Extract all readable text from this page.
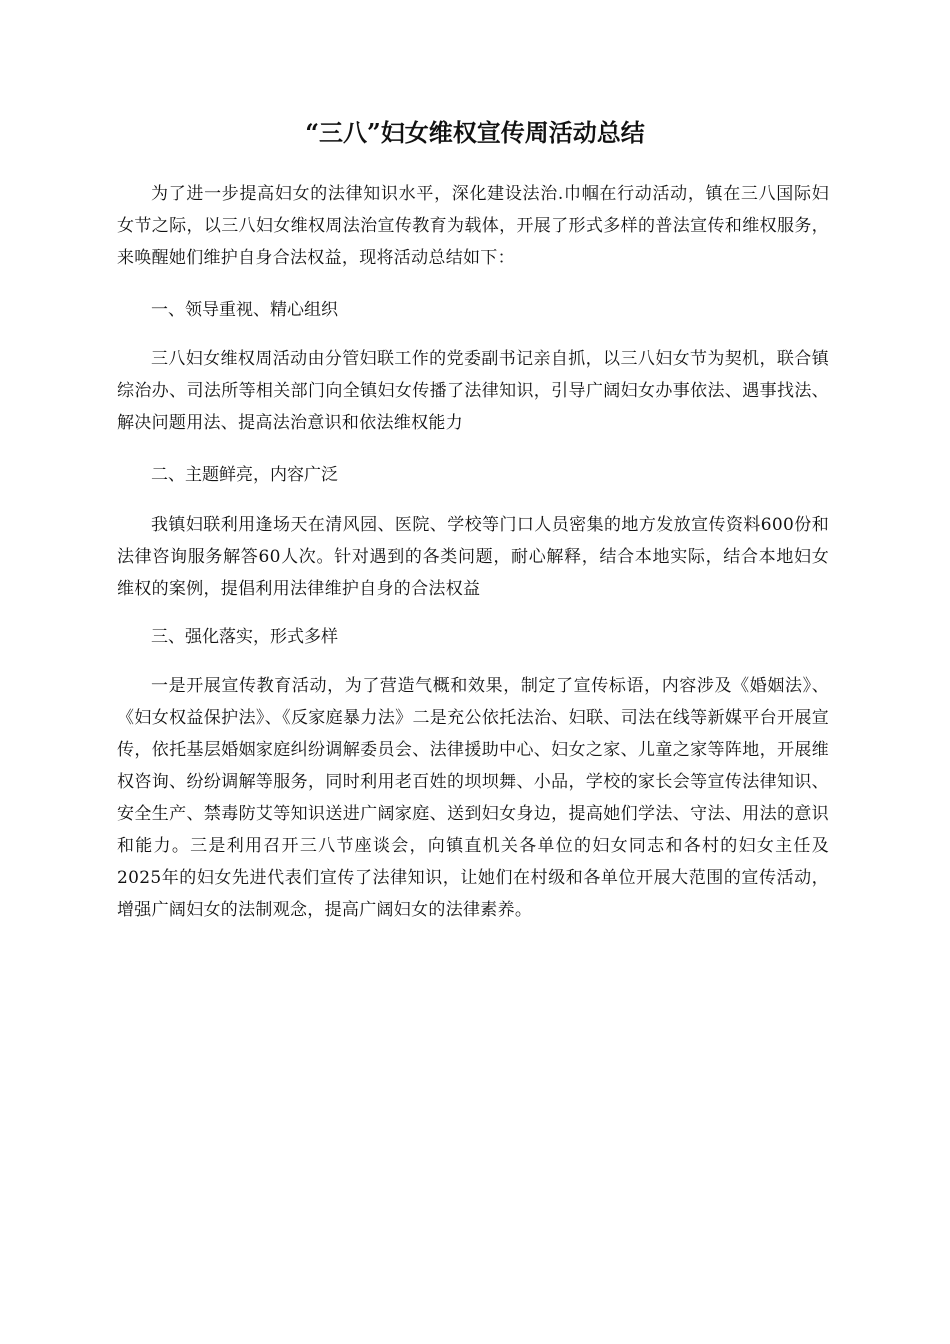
“三八”妇女维权宣传周活动总结

为了进一步提高妇女的法律知识水平，深化建设法治.巾帼在行动活动，镇在三八国际妇女节之际，以三八妇女维权周法治宣传教育为载体，开展了形式多样的普法宣传和维权服务，来唤醒她们维护自身合法权益，现将活动总结如下：

一、领导重视、精心组织

三八妇女维权周活动由分管妇联工作的党委副书记亲自抓，以三八妇女节为契机，联合镇综治办、司法所等相关部门向全镇妇女传播了法律知识，引导广阔妇女办事依法、遇事找法、解决问题用法、提高法治意识和依法维权能力

二、主题鲜亮，内容广泛

我镇妇联利用逢场天在清风园、医院、学校等门口人员密集的地方发放宣传资料600份和法律咨询服务解答60人次。针对遇到的各类问题，耐心解释，结合本地实际，结合本地妇女维权的案例，提倡利用法律维护自身的合法权益

三、强化落实，形式多样

一是开展宣传教育活动，为了营造气概和效果，制定了宣传标语，内容涉及《婚姻法》、《妇女权益保护法》、《反家庭暴力法》二是充公依托法治、妇联、司法在线等新媒平台开展宣传，依托基层婚姻家庭纠纷调解委员会、法律援助中心、妇女之家、儿童之家等阵地，开展维权咨询、纷纷调解等服务，同时利用老百姓的坝坝舞、小品，学校的家长会等宣传法律知识、安全生产、禁毒防艾等知识送进广阔家庭、送到妇女身边，提高她们学法、守法、用法的意识和能力。三是利用召开三八节座谈会，向镇直机关各单位的妇女同志和各村的妇女主任及2025年的妇女先进代表们宣传了法律知识，让她们在村级和各单位开展大范围的宣传活动，增强广阔妇女的法制观念，提高广阔妇女的法律素养。
